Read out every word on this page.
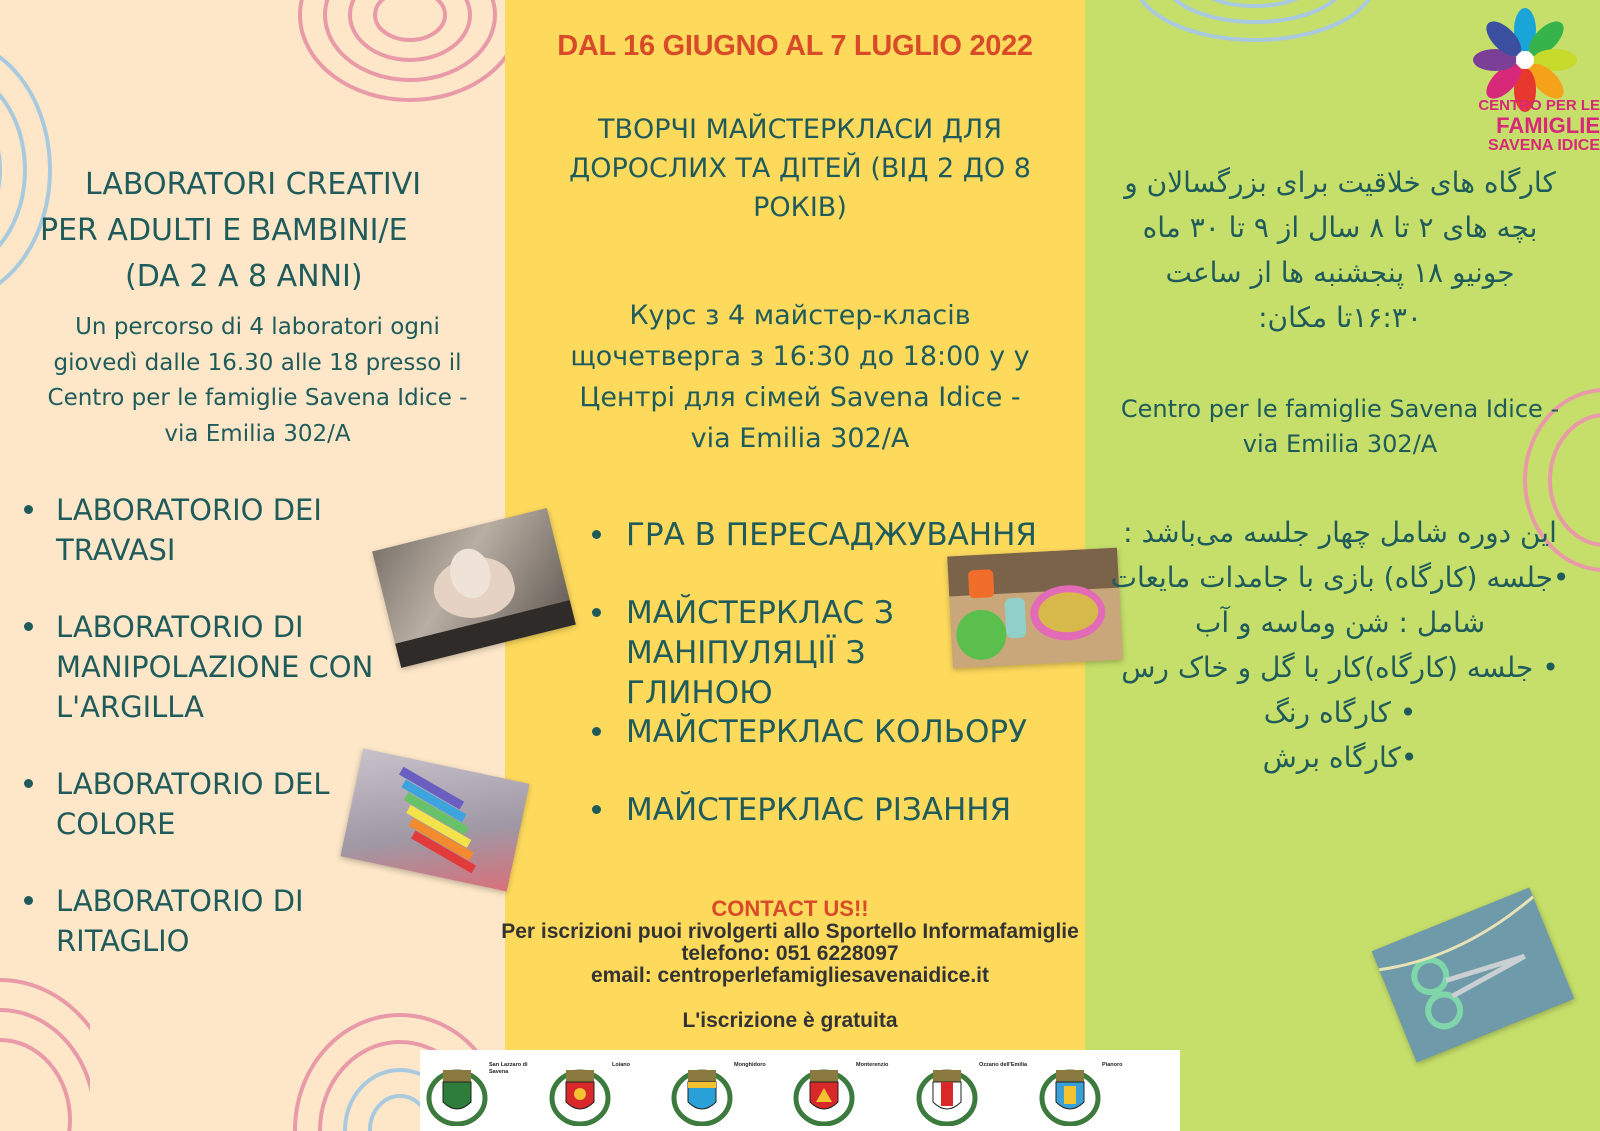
DAL 16 GIUGNO AL 7 LUGLIO 2022
LABORATORI CREATIVI
PER ADULTI E BAMBINI/E
(DA 2 A 8 ANNI)
Un percorso di 4 laboratori ogni giovedì dalle 16.30 alle 18 presso il Centro per le famiglie Savena Idice - via Emilia 302/A
LABORATORIO DEI TRAVASI
LABORATORIO DI MANIPOLAZIONE CON L'ARGILLA
LABORATORIO DEL COLORE
LABORATORIO DI RITAGLIO
ТВОРЧІ МАЙСТЕРКЛАСИ ДЛЯ ДОРОСЛИХ ТА ДІТЕЙ (ВІД 2 ДО 8 РОКІВ)
Курс з 4 майстер-класів щочетверга з 16:30 до 18:00 у у Центрі для сімей Savena Idice - via Emilia 302/A
ГРА В ПЕРЕСАДЖУВАННЯ
МАЙСТЕРКЛАС З МАНІПУЛЯЦІЇ З ГЛИНОЮ
МАЙСТЕРКЛАС КОЛЬОРУ
МАЙСТЕРКЛАС РІЗАННЯ
CONTACT US!!
Per iscrizioni puoi rivolgerti allo Sportello Informafamiglie
telefono: 051 6228097
email: centroperlefamigliesavenaidice.it
L'iscrizione è gratuita
San Lazzaro di Savena
Loiano	Monghidoro	Monterenzio	Ozzano dell'Emilia	Pianoro
کارگاه های خلاقیت برای بزرگسالان و بچه های ۲ تا ۸ سال از ۹ تا ۳۰ ماه جونیو ۱۸ پنجشنبه ها از ساعت ۱۶:۳۰تا مکان:
Centro per le famiglie Savena Idice - via Emilia 302/A
این دوره شامل چهار جلسه می‌باشد :
•جلسه (کارگاه) بازی با جامدات مایعات شامل : شن وماسه و آب
• جلسه (کارگاه)کار با گل و خاک رس
• کارگاه رنگ
•کارگاه برش
CENTRO PER LE
FAMIGLIE
SAVENA IDICE
